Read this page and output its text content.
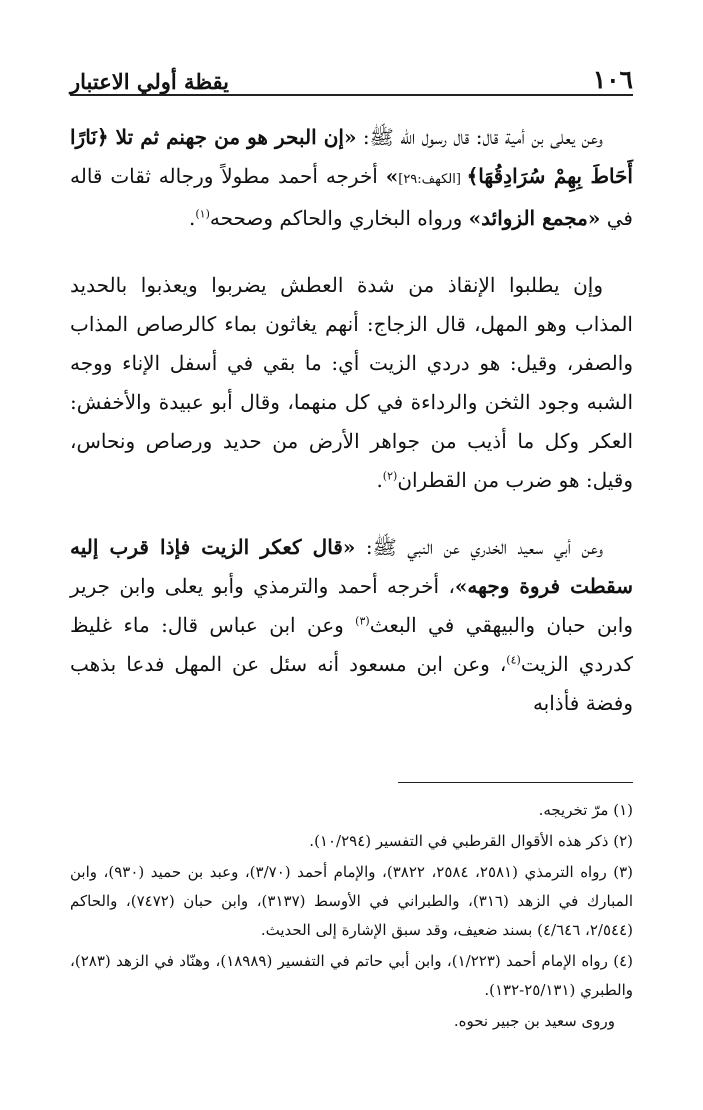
١٠٦
يقظة أولي الاعتبار

وعن يعلى بن أمية قال: قال رسول الله ﷺ: «إن البحر هو من جهنم ثم تلا ﴿نَارًا أَحَاطَ بِهِمْ سُرَادِقُهَا﴾ [الكهف:٢٩]» أخرجه أحمد مطولاً ورجاله ثقات قاله في «مجمع الزوائد» ورواه البخاري والحاكم وصححه$^{(١)}$.

وإن يطلبوا الإنقاذ من شدة العطش يضربوا ويعذبوا بالحديد المذاب وهو المهل، قال الزجاج: أنهم يغاثون بماء كالرصاص المذاب والصفر، وقيل: هو دردي الزيت أي: ما بقي في أسفل الإناء ووجه الشبه وجود الثخن والرداءة في كل منهما، وقال أبو عبيدة والأخفش: العكر وكل ما أذيب من جواهر الأرض من حديد ورصاص ونحاس، وقيل: هو ضرب من القطران$^{(٢)}$.

وعن أبي سعيد الخدري عن النبي ﷺ: «قال كعكر الزيت فإذا قرب إليه سقطت فروة وجهه»، أخرجه أحمد والترمذي وأبو يعلى وابن جرير وابن حبان والبيهقي في البعث$^{(٣)}$ وعن ابن عباس قال: ماء غليظ كدردي الزيت$^{(٤)}$، وعن ابن مسعود أنه سئل عن المهل فدعا بذهب وفضة فأذابه

(١) مرّ تخريجه.

(٢) ذكر هذه الأقوال القرطبي في التفسير (١٠/٢٩٤).

(٣) رواه الترمذي (٢٥٨١، ٢٥٨٤، ٣٨٢٢)، والإمام أحمد (٣/٧٠)، وعبد بن حميد (٩٣٠)، وابن المبارك في الزهد (٣١٦)، والطبراني في الأوسط (٣١٣٧)، وابن حبان (٧٤٧٢)، والحاكم (٢/٥٤٤، ٤/٦٤٦) بسند ضعيف، وقد سبق الإشارة إلى الحديث.

(٤) رواه الإمام أحمد (١/٢٢٣)، وابن أبي حاتم في التفسير (١٨٩٨٩)، وهنّاد في الزهد (٢٨٣)، والطبري (٢٥/١٣١-١٣٢).

وروى سعيد بن جبير نحوه.
